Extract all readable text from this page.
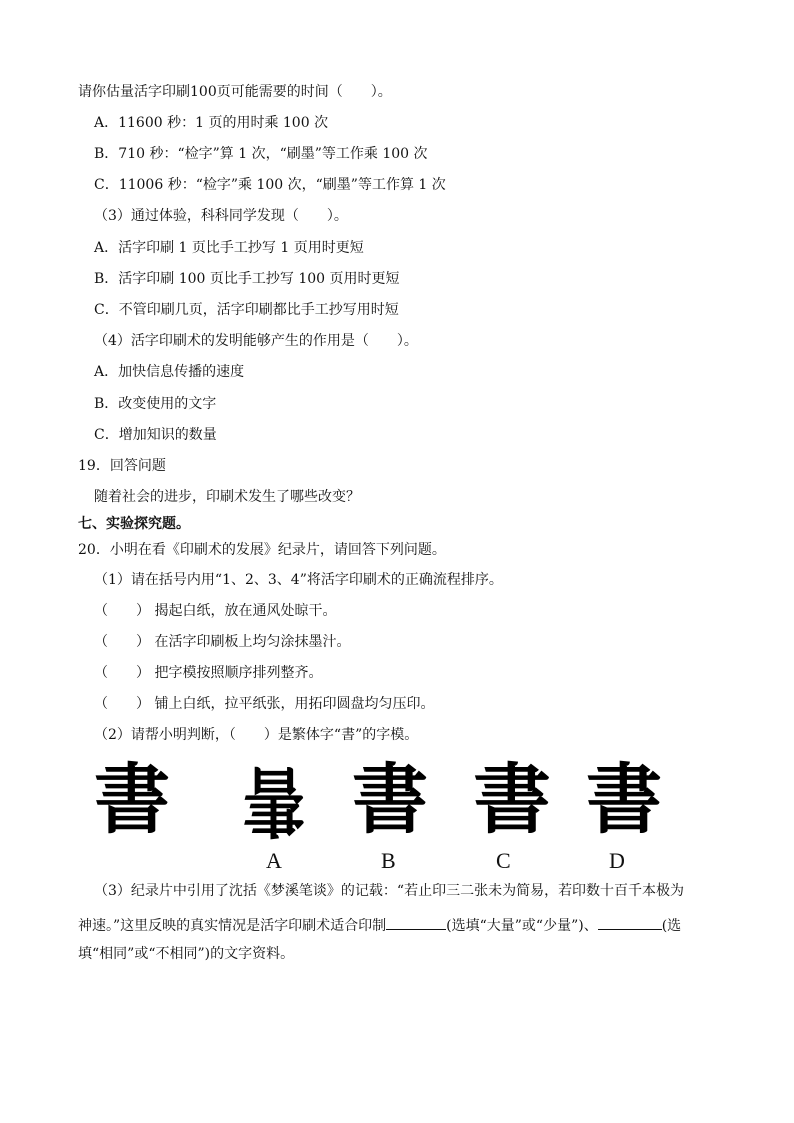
请你估量活字印刷100页可能需要的时间（　　）。
A．11600 秒：1 页的用时乘 100 次
B．710 秒：“检字”算 1 次，“刷墨”等工作乘 100 次
C．11006 秒：“检字”乘 100 次，“刷墨”等工作算 1 次
（3）通过体验，科科同学发现（　　）。
A．活字印刷 1 页比手工抄写 1 页用时更短
B．活字印刷 100 页比手工抄写 100 页用时更短
C．不管印刷几页，活字印刷都比手工抄写用时短
（4）活字印刷术的发明能够产生的作用是（　　）。
A．加快信息传播的速度
B．改变使用的文字
C．增加知识的数量
19．回答问题
随着社会的进步，印刷术发生了哪些改变？
七、实验探究题。
20．小明在看《印刷术的发展》纪录片，请回答下列问题。
（1）请在括号内用“1、2、3、4”将活字印刷术的正确流程排序。
（　　） 揭起白纸，放在通风处晾干。
（　　） 在活字印刷板上均匀涂抹墨汁。
（　　） 把字模按照顺序排列整齐。
（　　） 铺上白纸，拉平纸张，用拓印圆盘均匀压印。
（2）请帮小明判断，（　　）是繁体字“書”的字模。
書 書 書 書 書
A	B	C	D
（3）纪录片中引用了沈括《梦溪笔谈》的记载：“若止印三二张未为简易，若印数十百千本极为
神速。”这里反映的真实情况是活字印刷术适合印制	(选填“大量”或“少量”)、	(选
填“相同”或“不相同”)的文字资料。
